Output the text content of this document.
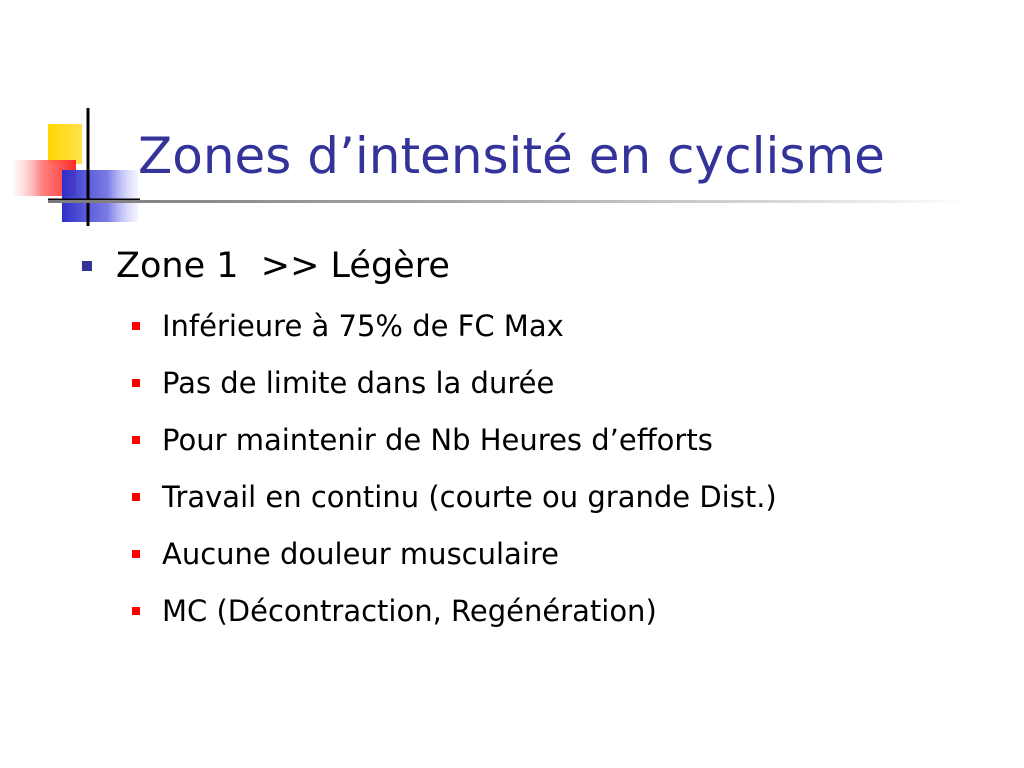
Zones d’intensité en cyclisme
Zone 1  >> Légère
Inférieure à 75% de FC Max
Pas de limite dans la durée
Pour maintenir de Nb Heures d’efforts
Travail en continu (courte ou grande Dist.)
Aucune douleur musculaire
MC (Décontraction, Regénération)
